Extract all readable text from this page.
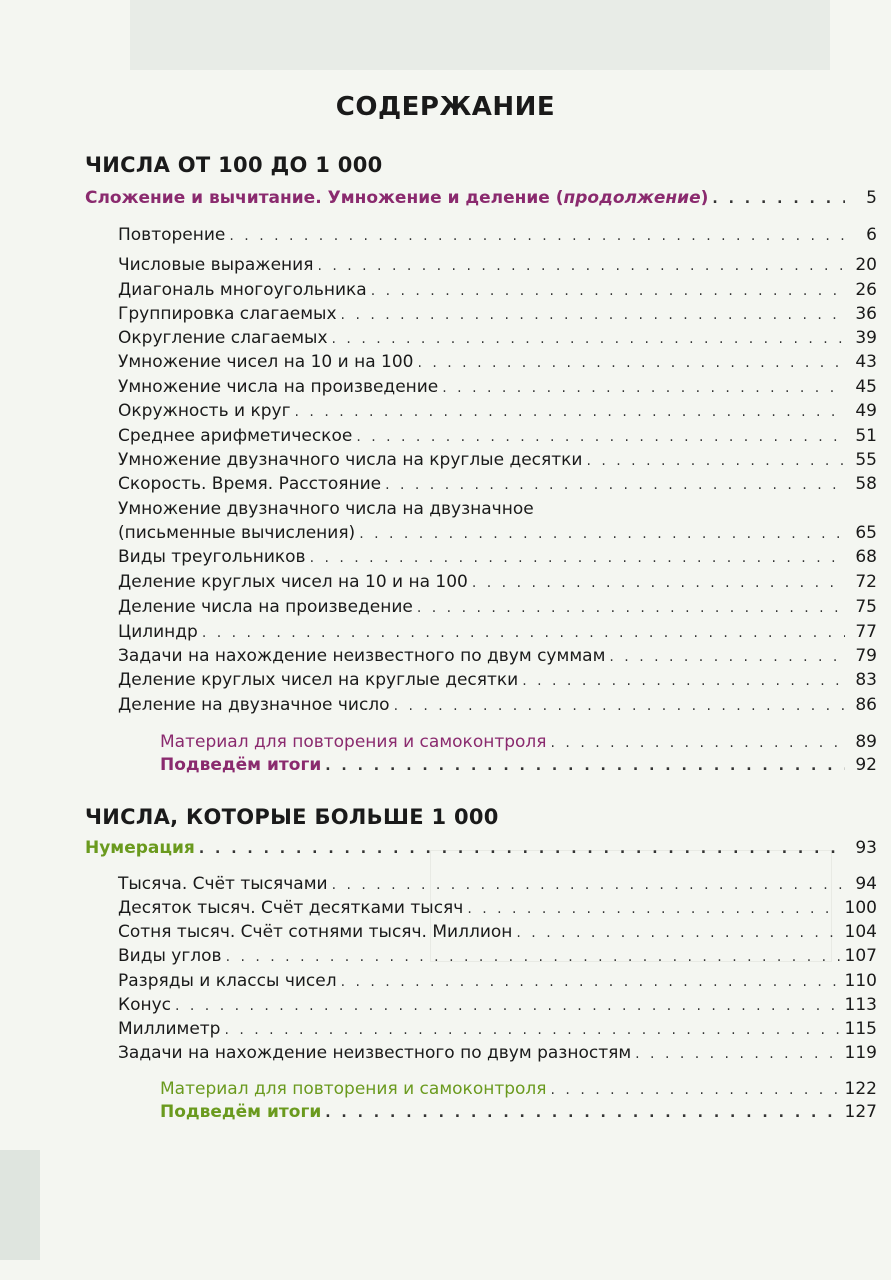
СОДЕРЖАНИЕ
ЧИСЛА ОТ 100 ДО 1 000
Сложение и вычитание. Умножение и деление (продолжение) . . .	5
Повторение . . .	6
Числовые выражения . . .	20
Диагональ многоугольника . . .	26
Группировка слагаемых . . .	36
Округление слагаемых . . .	39
Умножение чисел на 10 и на 100 . . .	43
Умножение числа на произведение . . .	45
Окружность и круг . . .	49
Среднее арифметическое . . .	51
Умножение двузначного числа на круглые десятки . . .	55
Скорость. Время. Расстояние . . .	58
Умножение двузначного числа на двузначное
(письменные вычисления) . . .	65
Виды треугольников . . .	68
Деление круглых чисел на 10 и на 100 . . .	72
Деление числа на произведение . . .	75
Цилиндр . . .	77
Задачи на нахождение неизвестного по двум суммам . . .	79
Деление круглых чисел на круглые десятки . . .	83
Деление на двузначное число . . .	86
Материал для повторения и самоконтроля . . .	89
Подведём итоги . . .	92
ЧИСЛА, КОТОРЫЕ БОЛЬШЕ 1 000
Нумерация . . .	93
Тысяча. Счёт тысячами . . .	94
Десяток тысяч. Счёт десятками тысяч . . .	100
Сотня тысяч. Счёт сотнями тысяч. Миллион . . .	104
Виды углов . . .	107
Разряды и классы чисел . . .	110
Конус . . .	113
Миллиметр . . .	115
Задачи на нахождение неизвестного по двум разностям . . .	119
Материал для повторения и самоконтроля . . .	122
Подведём итоги . . .	127
